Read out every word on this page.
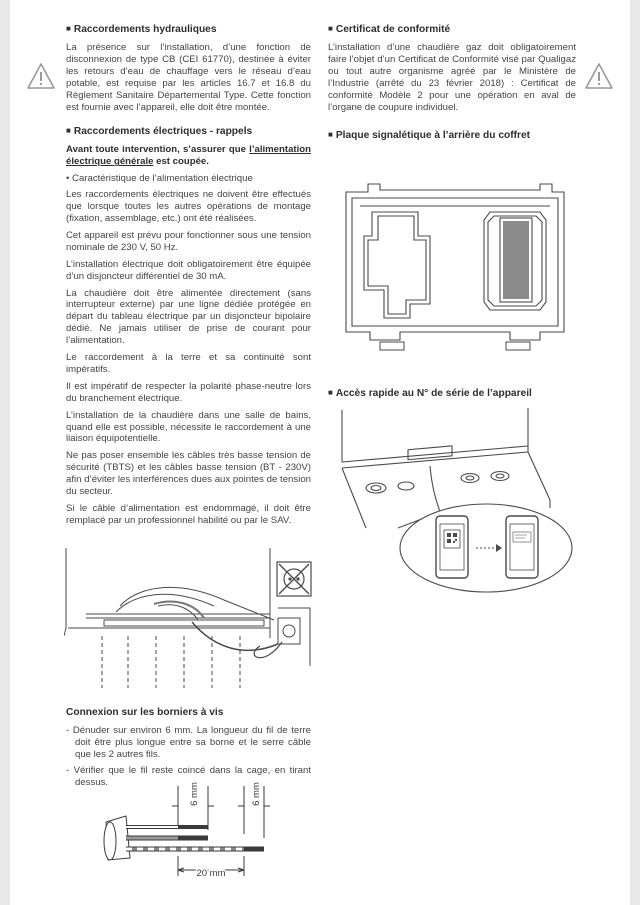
■ Raccordements hydrauliques

La présence sur l’installation, d’une fonction de disconnexion de type CB (CEI 61770), destinée à éviter les retours d’eau de chauffage vers le réseau d’eau potable, est requise par les articles 16.7 et 16.8 du Règlement Sanitaire Départemental Type. Cette fonction est fournie avec l’appareil, elle doit être montée.

■ Raccordements électriques - rappels

Avant toute intervention, s’assurer que l’alimentation électrique générale est coupée.

• Caractéristique de l’alimentation électrique

Les raccordements électriques ne doivent être effectués que lorsque toutes les autres opérations de montage (fixation, assemblage, etc.) ont été réalisées.

Cet appareil est prévu pour fonctionner sous une tension nominale de 230 V, 50 Hz.

L’installation électrique doit obligatoirement être équipée d’un disjoncteur différentiel de 30 mA.

La chaudière doit être alimentée directement (sans interrupteur externe) par une ligne dédiée protégée en départ du tableau électrique par un disjoncteur bipolaire dédié. Ne jamais utiliser de prise de courant pour l’alimentation.

Le raccordement à la terre et sa continuité sont impératifs.

Il est impératif de respecter la polarité phase-neutre lors du branchement électrique.

L’installation de la chaudière dans une salle de bains, quand elle est possible, nécessite le raccordement à une liaison équipotentielle.

Ne pas poser ensemble les câbles très basse tension de sécurité (TBTS) et les câbles basse tension (BT - 230V) afin d’éviter les interférences dues aux pointes de tension du secteur.

Si le câble d’alimentation est endommagé, il doit être remplacé par un professionnel habilité ou par le SAV.

Connexion sur les borniers à vis
- Dénuder sur environ 6 mm. La longueur du fil de terre doit être plus longue entre sa borne et le serre câble que les 2 autres fils.
- Vérifier que le fil reste coincé dans la cage, en tirant dessus.	6 mm	6 mm
20 mm
■ Certificat de conformité

L’installation d’une chaudière gaz doit obligatoirement faire l’objet d’un Certificat de Conformité visé par Qualigaz ou tout autre organisme agréé par le Ministère de l’Industrie (arrêté du 23 février 2018) : Certificat de conformité Modèle 2 pour une opération en aval de l’organe de coupure individuel.

■ Plaque signalétique à l’arrière du coffret
■ Accès rapide au N° de série de l’appareil
